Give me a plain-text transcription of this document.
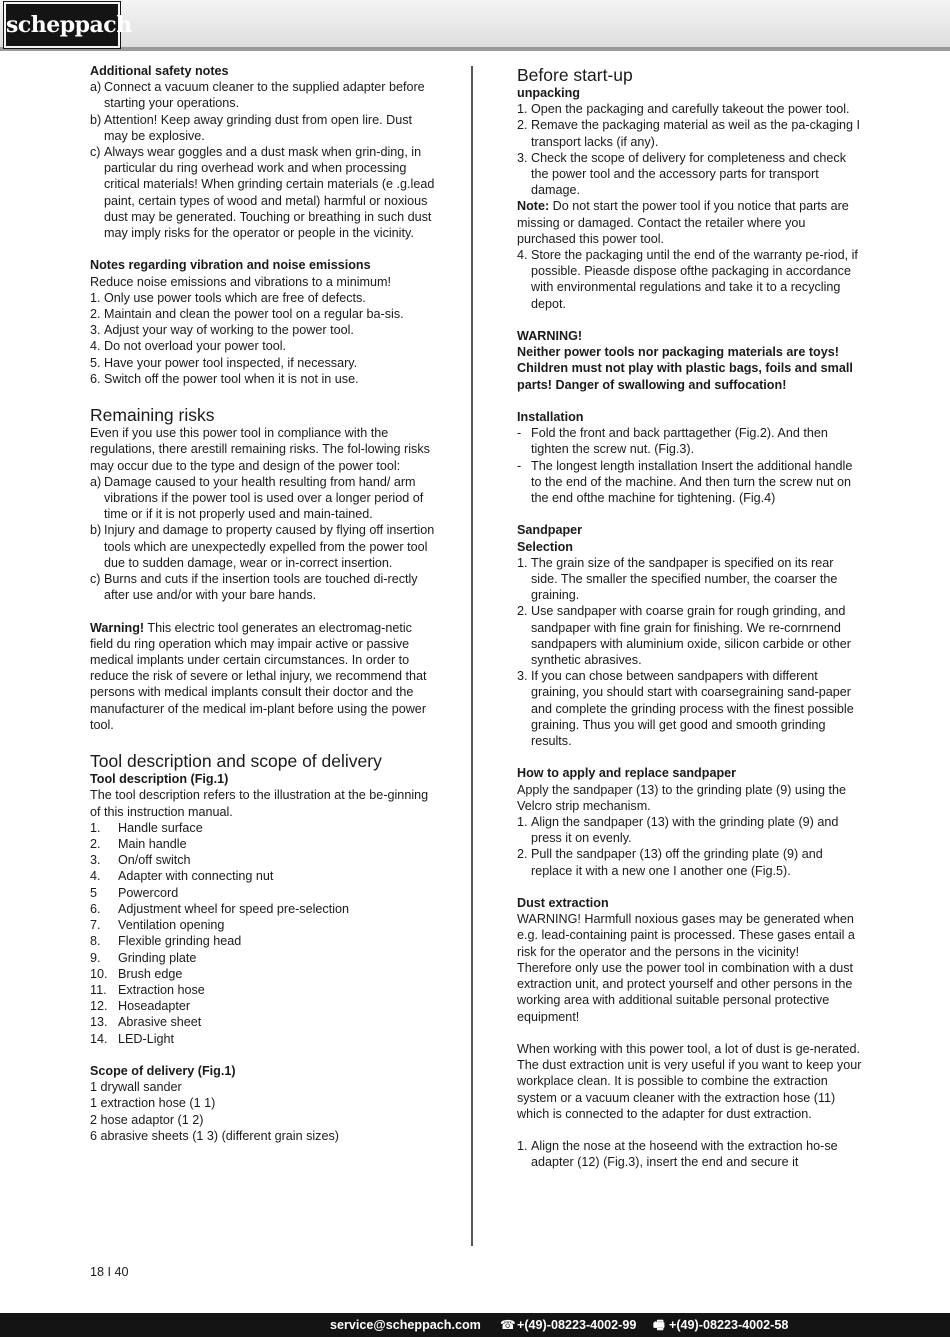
scheppach

Additional safety notes

a) Connect a vacuum cleaner to the supplied adapter before starting your operations.
b) Attention! Keep away grinding dust from open lire. Dust may be explosive.
c) Always wear goggles and a dust mask when grin-ding, in particular du ring overhead work and when processing critical materials! When grinding certain materials (e .g.lead paint, certain types of wood and metal) harmful or noxious dust may be generated. Touching or breathing in such dust may imply risks for the operator or people in the vicinity.

Notes regarding vibration and noise emissions

Reduce noise emissions and vibrations to a minimum!

1. Only use power tools which are free of defects.
2. Maintain and clean the power tool on a regular ba-sis.
3. Adjust your way of working to the power tool.
4. Do not overload your power tool.
5. Have your power tool inspected, if necessary.
6. Switch off the power tool when it is not in use.
Remaining risks

Even if you use this power tool in compliance with the regulations, there arestill remaining risks. The fol-lowing risks may occur due to the type and design of the power tool:

a) Damage caused to your health resulting from hand/ arm vibrations if the power tool is used over a longer period of time or if it is not properly used and main-tained.
b) Injury and damage to property caused by flying off insertion tools which are unexpectedly expelled from the power tool due to sudden damage, wear or in-correct insertion.
c) Burns and cuts if the insertion tools are touched di-rectly after use and/or with your bare hands.

Warning! This electric tool generates an electromag-netic field du ring operation which may impair active or passive medical implants under certain circumstances. In order to reduce the risk of severe or lethal injury, we recommend that persons with medical implants consult their doctor and the manufacturer of the medical im-plant before using the power tool.

Tool description and scope of delivery

Tool description (Fig.1)

The tool description refers to the illustration at the be-ginning of this instruction manual.

1. Handle surface
2. Main handle
3. On/off switch
4. Adapter with connecting nut
5 Powercord
6. Adjustment wheel for speed pre-selection
7. Ventilation opening
8. Flexible grinding head
9. Grinding plate
10. Brush edge
11. Extraction hose
12. Hoseadapter
13. Abrasive sheet
14. LED-Light

Scope of delivery (Fig.1)

1 drywall sander

1 extraction hose (1 1)

2 hose adaptor (1 2)

6 abrasive sheets (1 3) (different grain sizes)

Before start-up

unpacking

1. Open the packaging and carefully takeout the power tool.
2. Remave the packaging material as weil as the pa-ckaging I transport lacks (if any).
3. Check the scope of delivery for completeness and check the power tool and the accessory parts for transport damage.

Note: Do not start the power tool if you notice that parts are missing or damaged. Contact the retailer where you purchased this power tool.

4. Store the packaging until the end of the warranty pe-riod, if possible. Pieasde dispose ofthe packaging in accordance with environmental regulations and take it to a recycling depot.

WARNING!

Neither power tools nor packaging materials are toys! Children must not play with plastic bags, foils and small parts! Danger of swallowing and suffocation!

Installation

- Fold the front and back parttagether (Fig.2). And then tighten the screw nut. (Fig.3).
- The longest length installation Insert the additional handle to the end of the machine. And then turn the screw nut on the end ofthe machine for tightening. (Fig.4)

Sandpaper

Selection

1. The grain size of the sandpaper is specified on its rear side. The smaller the specified number, the coarser the graining.
2. Use sandpaper with coarse grain for rough grinding, and sandpaper with fine grain for finishing. We re-cornrnend sandpapers with aluminium oxide, silicon carbide or other synthetic abrasives.
3. If you can chose between sandpapers with different graining, you should start with coarsegraining sand-paper and complete the grinding process with the finest possible graining. Thus you will get good and smooth grinding results.

How to apply and replace sandpaper

Apply the sandpaper (13) to the grinding plate (9) using the Velcro strip mechanism.

1. Align the sandpaper (13) with the grinding plate (9) and press it on evenly.
2. Pull the sandpaper (13) off the grinding plate (9) and replace it with a new one I another one (Fig.5).

Dust extraction

WARNING! Harmfull noxious gases may be generated when e.g. lead-containing paint is processed. These gases entail a risk for the operator and the persons in the vicinity!

Therefore only use the power tool in combination with a dust extraction unit, and protect yourself and other persons in the working area with additional suitable personal protective equipment!

When working with this power tool, a lot of dust is ge-nerated. The dust extraction unit is very useful if you want to keep your workplace clean. It is possible to combine the extraction system or a vacuum cleaner with the extraction hose (11) which is connected to the adapter for dust extraction.

1. Align the nose at the hoseend with the extraction ho-se adapter (12) (Fig.3), insert the end and secure it
18 I 40
service@scheppach.com ☎+(49)-08223-4002-99 🖷 +(49)-08223-4002-58
